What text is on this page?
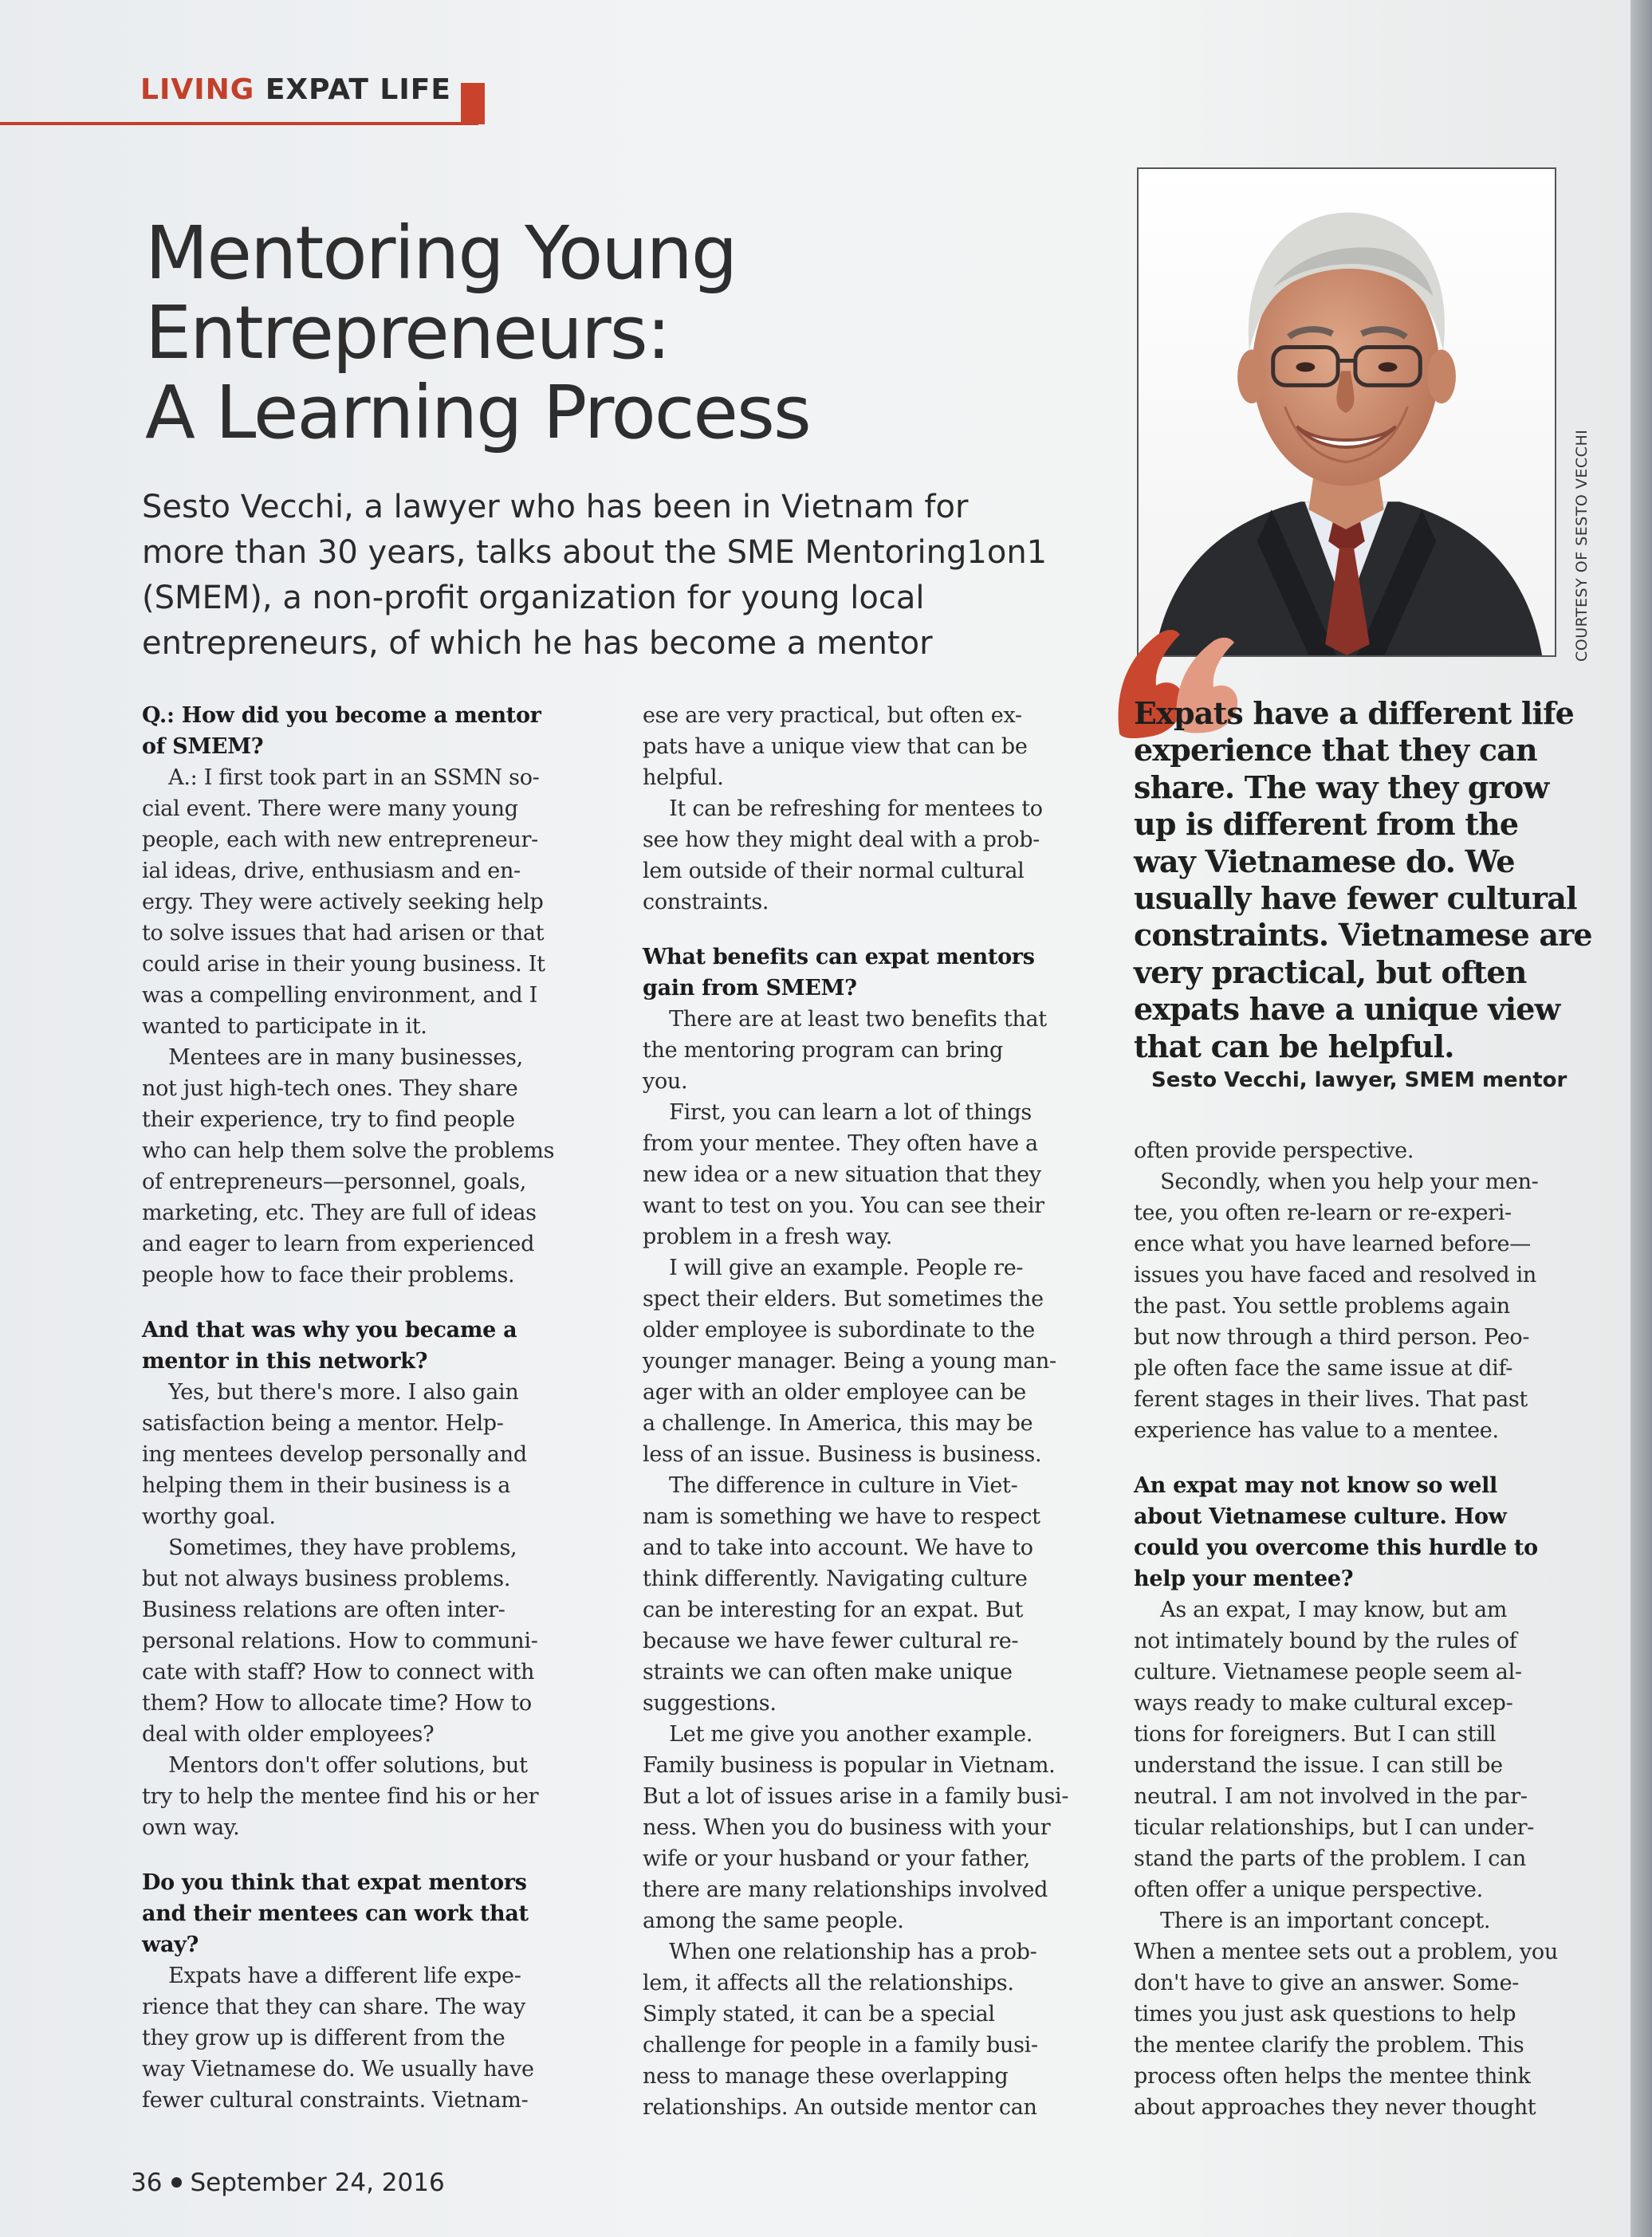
LIVING EXPAT LIFE
Mentoring Young
Entrepreneurs:
A Learning Process
Sesto Vecchi, a lawyer who has been in Vietnam for
more than 30 years, talks about the SME Mentoring1on1
(SMEM), a non-profit organization for young local
entrepreneurs, of which he has become a mentor	COURTESY OF SESTO VECCHI
Expats have a different life
experience that they can
share. The way they grow
up is different from the
way Vietnamese do. We
usually have fewer cultural
constraints. Vietnamese are
very practical, but often
expats have a unique view
that can be helpful.
Sesto Vecchi, lawyer, SMEM mentor
Q.: How did you become a mentor
of SMEM?
A.: I first took part in an SSMN so-
cial event. There were many young
people, each with new entrepreneur-
ial ideas, drive, enthusiasm and en-
ergy. They were actively seeking help
to solve issues that had arisen or that
could arise in their young business. It
was a compelling environment, and I
wanted to participate in it.
Mentees are in many businesses,
not just high-tech ones. They share
their experience, try to find people
who can help them solve the problems
of entrepreneurs—personnel, goals,
marketing, etc. They are full of ideas
and eager to learn from experienced
people how to face their problems.
And that was why you became a
mentor in this network?
Yes, but there's more. I also gain
satisfaction being a mentor. Help-
ing mentees develop personally and
helping them in their business is a
worthy goal.
Sometimes, they have problems,
but not always business problems.
Business relations are often inter-
personal relations. How to communi-
cate with staff? How to connect with
them? How to allocate time? How to
deal with older employees?
Mentors don't offer solutions, but
try to help the mentee find his or her
own way.
Do you think that expat mentors
and their mentees can work that
way?
Expats have a different life expe-
rience that they can share. The way
they grow up is different from the
way Vietnamese do. We usually have
fewer cultural constraints. Vietnam-
ese are very practical, but often ex-
pats have a unique view that can be
helpful.
It can be refreshing for mentees to
see how they might deal with a prob-
lem outside of their normal cultural
constraints.
What benefits can expat mentors
gain from SMEM?
There are at least two benefits that
the mentoring program can bring
you.
First, you can learn a lot of things
from your mentee. They often have a
new idea or a new situation that they
want to test on you. You can see their
problem in a fresh way.
I will give an example. People re-
spect their elders. But sometimes the
older employee is subordinate to the
younger manager. Being a young man-
ager with an older employee can be
a challenge. In America, this may be
less of an issue. Business is business.
The difference in culture in Viet-
nam is something we have to respect
and to take into account. We have to
think differently. Navigating culture
can be interesting for an expat. But
because we have fewer cultural re-
straints we can often make unique
suggestions.
Let me give you another example.
Family business is popular in Vietnam.
But a lot of issues arise in a family busi-
ness. When you do business with your
wife or your husband or your father,
there are many relationships involved
among the same people.
When one relationship has a prob-
lem, it affects all the relationships.
Simply stated, it can be a special
challenge for people in a family busi-
ness to manage these overlapping
relationships. An outside mentor can
often provide perspective.
Secondly, when you help your men-
tee, you often re-learn or re-experi-
ence what you have learned before—
issues you have faced and resolved in
the past. You settle problems again
but now through a third person. Peo-
ple often face the same issue at dif-
ferent stages in their lives. That past
experience has value to a mentee.
An expat may not know so well
about Vietnamese culture. How
could you overcome this hurdle to
help your mentee?
As an expat, I may know, but am
not intimately bound by the rules of
culture. Vietnamese people seem al-
ways ready to make cultural excep-
tions for foreigners. But I can still
understand the issue. I can still be
neutral. I am not involved in the par-
ticular relationships, but I can under-
stand the parts of the problem. I can
often offer a unique perspective.
There is an important concept.
When a mentee sets out a problem, you
don't have to give an answer. Some-
times you just ask questions to help
the mentee clarify the problem. This
process often helps the mentee think
about approaches they never thought
36 September 24, 2016
